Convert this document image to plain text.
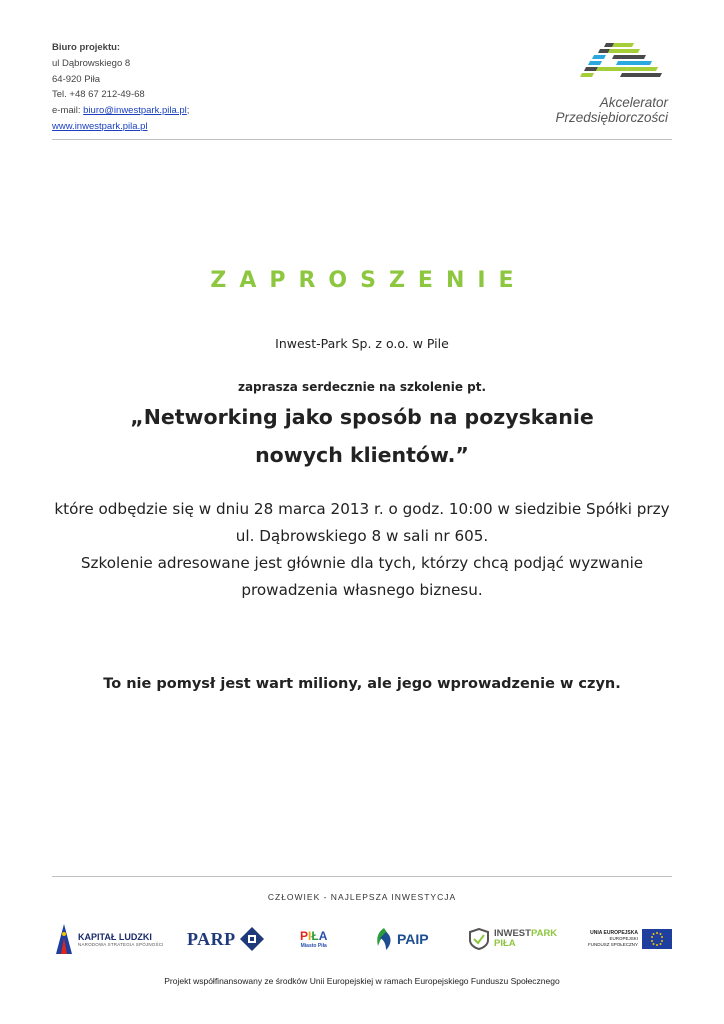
Biuro projektu:
ul Dąbrowskiego 8
64-920 Piła
Tel. +48 67 212-49-68
e-mail: biuro@inwestpark.pila.pl;
www.inwestpark.pila.pl
Akcelerator
Przedsiębiorczości
ZAPROSZENIE
Inwest-Park Sp. z o.o. w Pile
zaprasza serdecznie na szkolenie pt.
„Networking jako sposób na pozyskanie
nowych klientów.”
które odbędzie się w dniu 28 marca 2013 r. o godz. 10:00 w siedzibie Spółki przy
ul. Dąbrowskiego 8 w sali nr 605.
Szkolenie adresowane jest głównie dla tych, którzy chcą podjąć wyzwanie
prowadzenia własnego biznesu.
To nie pomysł jest wart miliony, ale jego wprowadzenie w czyn.
CZŁOWIEK - NAJLEPSZA INWESTYCJA
KAPITAŁ LUDZKI
NARODOWA STRATEGIA SPÓJNOŚCI PARP	PIŁA
Miasto Piła	PAIP	INWESTPARK
PIŁA
UNIA EUROPEJSKA
EUROPEJSKI
FUNDUSZ SPOŁECZNY
Projekt współfinansowany ze środków Unii Europejskiej w ramach Europejskiego Funduszu Społecznego
